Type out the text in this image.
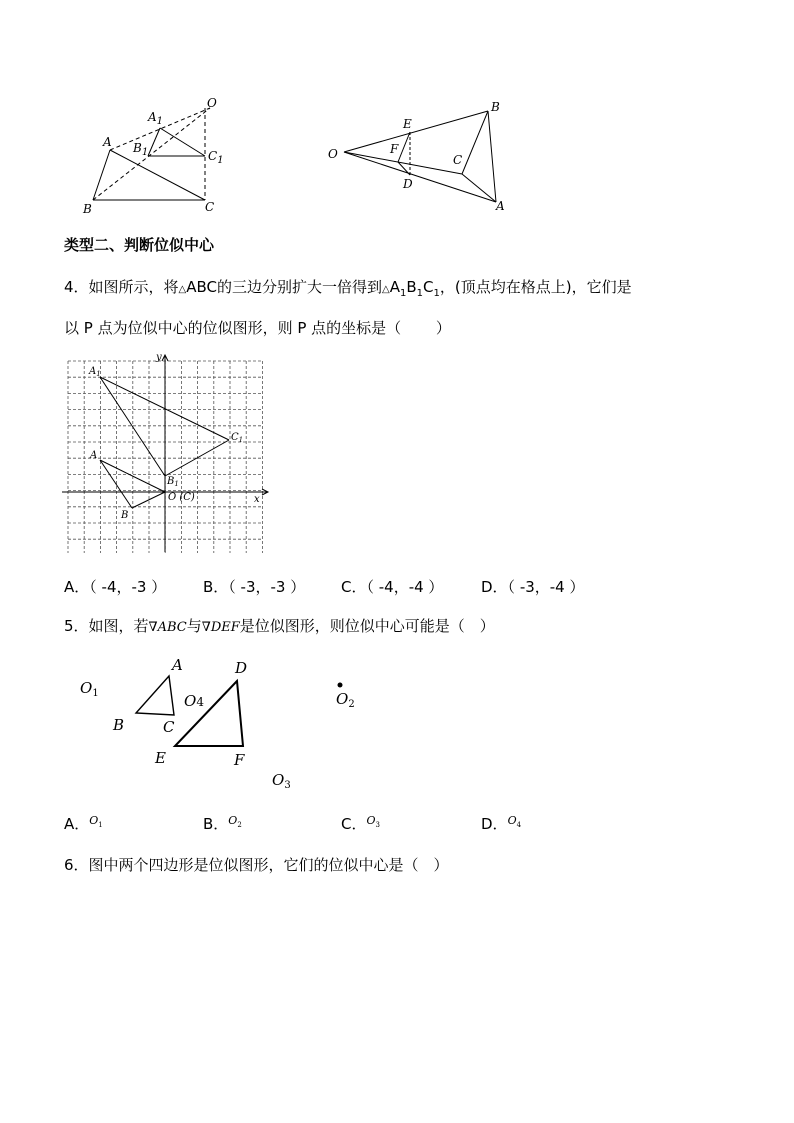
O
$A_1$
A $B_1$	$C_1$
B	C
O
E
F
D
C
B
A
类型二、判断位似中心
4．如图所示，将△ABC的三边分别扩大一倍得到$\triangle A_1B_1C_1$，(顶点均在格点上)，它们是
以 P 点为位似中心的位似图形，则 P 点的坐标是（　　 ）
y
x
$A_1$
$C_1$
A
$B_1$
B
O (C)
A．（ -4，-3 ） B．（ -3，-3 ） C．（ -4，-4 ）	D．（ -3，-4 ）
5．如图，若∇ABC与∇DEF是位似图形，则位似中心可能是（　）
A
B	C
D
E	F
$O_1$	$O_2$
$O_3$
O4
A．$^{O_1}$	B．$^{O_2}$	C．$^{O_3}$	D．$^{O_4}$
6．图中两个四边形是位似图形，它们的位似中心是（　）
